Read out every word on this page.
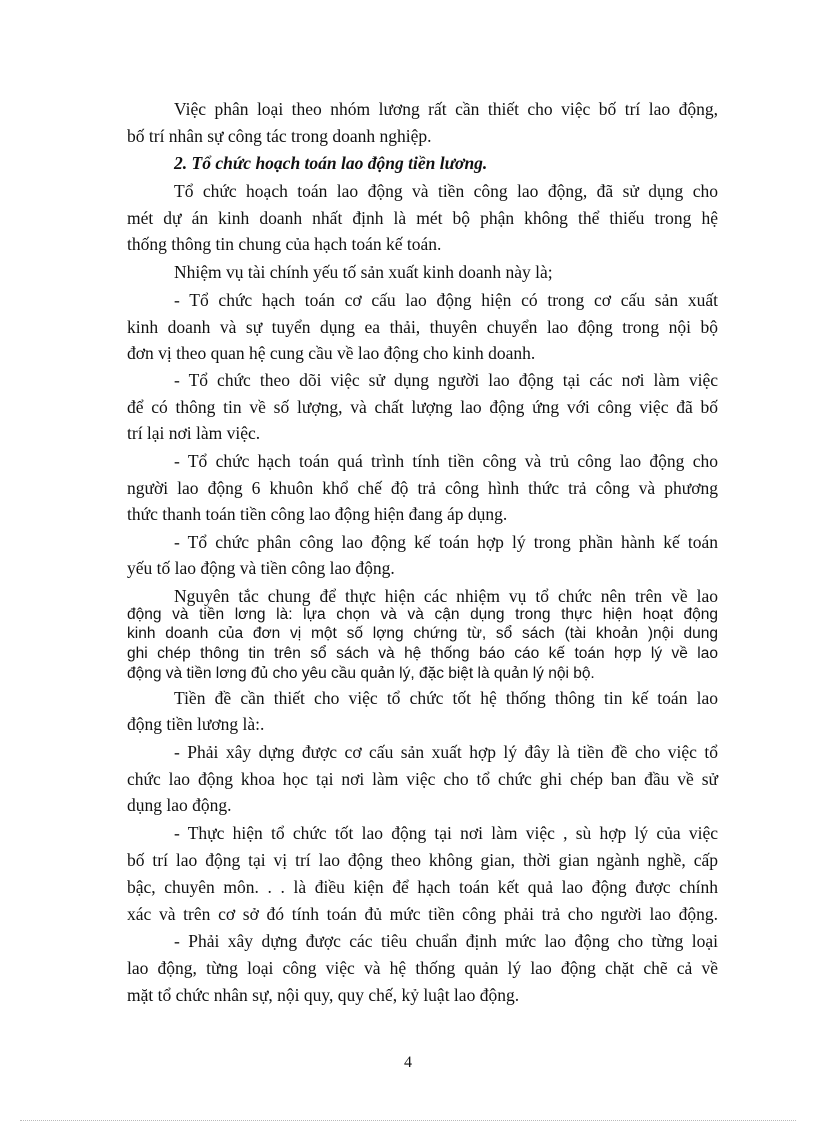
Việc phân loại theo nhóm lương rất cần thiết cho việc bố trí lao động,
bố trí nhân sự công tác trong doanh nghiệp.
2. Tổ chức hoạch toán lao động tiền lương.
Tổ chức hoạch toán lao động và tiền công lao động, đã sử dụng cho
mét dự án kinh doanh nhất định là mét bộ phận không thể thiếu trong hệ
thống thông tin chung của hạch toán kế toán.
Nhiệm vụ tài chính yếu tố sản xuất kinh doanh này là;
- Tổ chức hạch toán cơ cấu lao động hiện có trong cơ cấu sản xuất
kinh doanh và sự tuyển dụng ea thải, thuyên chuyển lao động trong nội bộ
đơn vị theo quan hệ cung cầu về lao động cho kinh doanh.
- Tổ chức theo dõi việc sử dụng người lao động tại các nơi làm việc
để có thông tin về số lượng, và chất lượng lao động ứng với công việc đã bố
trí lại nơi làm việc.
- Tổ chức hạch toán quá trình tính tiền công và trủ công lao động cho
người lao động 6 khuôn khổ chế độ trả công hình thức trả công và phương
thức thanh toán tiền công lao động hiện đang áp dụng.
- Tổ chức phân công lao động kế toán hợp lý trong phần hành kế toán
yếu tố lao động và tiền công lao động.
Nguyên tắc chung để thực hiện các nhiệm vụ tổ chức nên trên về lao
động và tiền lơng là: lựa chọn và và cận dụng trong thực hiện hoạt động
kinh doanh của đơn vị một số lợng chứng từ, sổ sách (tài khoản )nội dung
ghi chép thông tin trên sổ sách và hệ thống báo cáo kế toán hợp lý về lao
động và tiền lơng đủ cho yêu cầu quản lý, đặc biệt là quản lý nội bộ.
Tiền đề cần thiết cho việc tổ chức tốt hệ thống thông tin kế toán lao
động tiền lương là:.
- Phải xây dựng được cơ cấu sản xuất hợp lý đây là tiền đề cho việc tổ
chức lao động khoa học tại nơi làm việc cho tổ chức ghi chép ban đầu về sử
dụng lao động.
- Thực hiện tổ chức tốt lao động tại nơi làm việc , sù hợp lý của việc
bố trí lao động tại vị trí lao động theo không gian, thời gian ngành nghề, cấp
bậc, chuyên môn. . . là điều kiện để hạch toán kết quả lao động được chính
xác và trên cơ sở đó tính toán đủ mức tiền công phải trả cho người lao động.
- Phải xây dựng được các tiêu chuẩn định mức lao động cho từng loại
lao động, từng loại công việc và hệ thống quản lý lao động chặt chẽ cả về
mặt tổ chức nhân sự, nội quy, quy chế, kỷ luật lao động.
4
